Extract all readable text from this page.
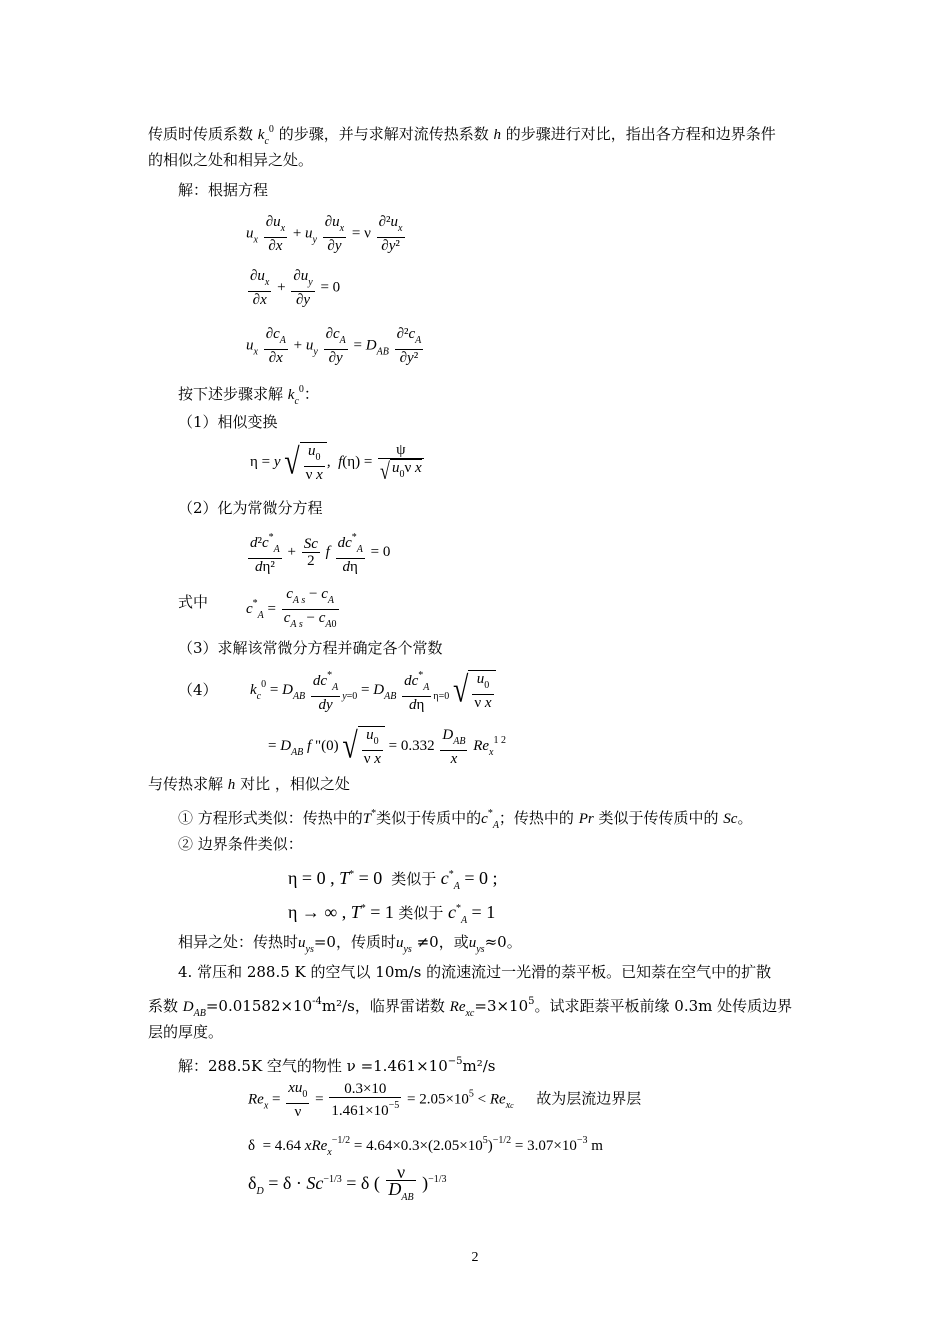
传质时传质系数 $k_c^0$ 的步骤，并与求解对流传热系数 h 的步骤进行对比，指出各方程和边界条件
的相似之处和相异之处。
解：根据方程
$u_x \frac{\partial u_x}{\partial x} + u_y \frac{\partial u_x}{\partial y} = \nu \frac{\partial^2u_x}{\text{∂y²}}$
$\frac{\partial u_x}{\partial x} + \frac{\partial u_y}{\partial y} = 0$
$u_x \frac{\partial c_A}{\partial x} + u_y \frac{\partial c_A}{\partial y} = D_{AB} \frac{\partial^2c_A}{\text{∂y²}}$
按下述步骤求解 $k_c^0$：
（1）相似变换
η = y √ $\frac{u_0}{\text{ν x}}$ ,  $f(\eta) = \frac{\psi}{√ u_0\nu x}$
（2）化为常微分方程
$\frac{d^2c^*_A}{\text{dη²}} + \frac{Sc}{2}$ f $\frac{dc^*_A}{d\eta} = 0$
式中	$c^*_A = \frac{c_{A s} - c_A}{c_{A s} - c_{A0}}$
（3）求解该常微分方程并确定各个常数
（4） $k_c^0 = D_{AB} \frac{dc^*_A}{dy} _{y=0} = D_{AB} \frac{dc^*_A}{d\eta} _{\eta=0}$ √ $\frac{u_0}{\text{ν x}}$
= $D_{AB}$ f "(0) √ $\frac{u_0}{\text{ν x}} = 0.332 \frac{D_{AB}}{x} Re_x^{1 2}$
与传热求解 h 对比 ，相似之处
① 方程形式类似：传热中的T*类似于传质中的$c^*_A$；传热中的 Pr 类似于传传质中的 Sc。
② 边界条件类似：
η = 0 , T* = 0  类似于 $c^*_A = 0$ ;
η → ∞ , T* = 1 类似于 $c^*_A = 1$
相异之处：传热时$u_{ys}=0$，传质时$u_{ys} \ne 0$，或$u_{ys}\approx 0$。
4. 常压和 288.5 K 的空气以 10m/s 的流速流过一光滑的萘平板。已知萘在空气中的扩散
系数 $D_{AB}=0.01582\times 10^{-4}m^2/s$，临界雷诺数 $Re_{xc}=3\times 10^5$。试求距萘平板前缘 0.3m 处传质边界
层的厚度。
解：288.5K 空气的物性 $\nu =1.461\times 10^{-5}m^2/s$
$Re_x = \frac{xu_0}{\nu} = \frac{0.3\times 10}{1.461\times 10^{-5}} = 2.05\times 10^5 < Re_{xc}$ 故为层流边界层
δ  = 4.64 $xRe_x^{-1/2} = 4.64\times 0.3\times(2.05\times 10^5)^{-1/2} = 3.07\times 10^{-3}$ m
$\delta_D = \delta \cdot Sc^{-1/3} = \delta$ ( $\frac{\nu}{D_{AB}} )^{-1/3}$
2
